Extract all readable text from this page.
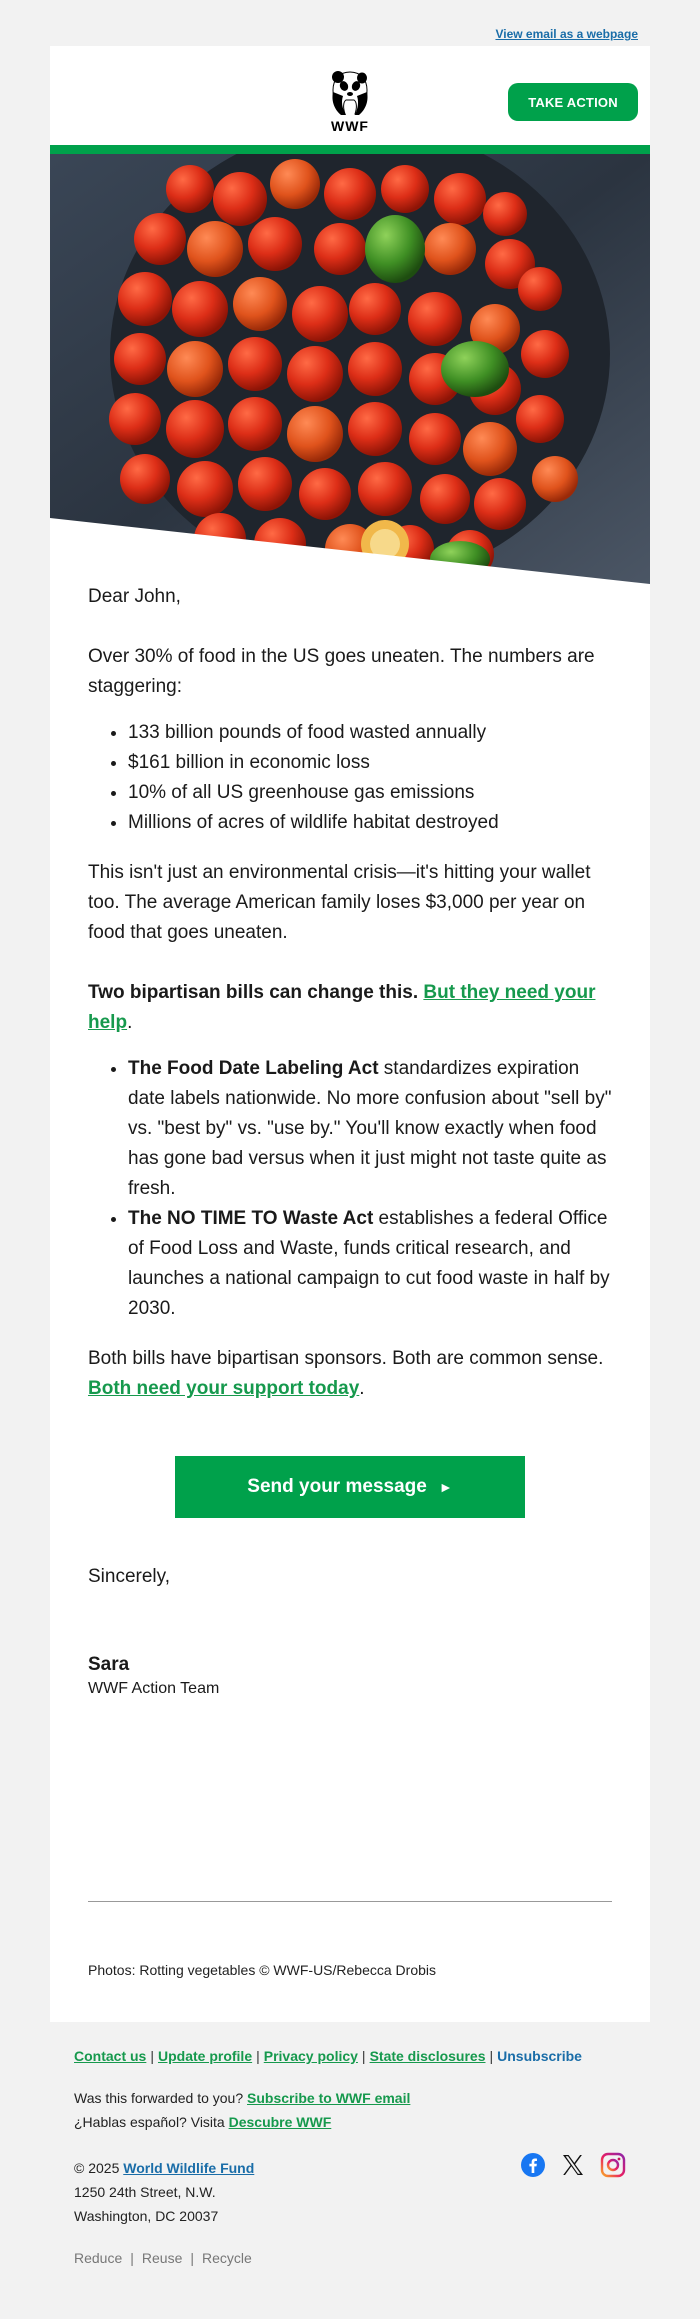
View email as a webpage
WWF
TAKE ACTION

Dear John,

Over 30% of food in the US goes uneaten. The numbers are staggering:

• 133 billion pounds of food wasted annually
• $161 billion in economic loss
• 10% of all US greenhouse gas emissions
• Millions of acres of wildlife habitat destroyed

This isn't just an environmental crisis—it's hitting your wallet too. The average American family loses $3,000 per year on food that goes uneaten.

Two bipartisan bills can change this. But they need your help.

• The Food Date Labeling Act standardizes expiration date labels nationwide. No more confusion about "sell by" vs. "best by" vs. "use by." You'll know exactly when food has gone bad versus when it just might not taste quite as fresh.
• The NO TIME TO Waste Act establishes a federal Office of Food Loss and Waste, funds critical research, and launches a national campaign to cut food waste in half by 2030.

Both bills have bipartisan sponsors. Both are common sense. Both need your support today.

Send your message ►

Sincerely,

Sara

WWF Action Team

Photos: Rotting vegetables © WWF-US/Rebecca Drobis

Contact us | Update profile | Privacy policy | State disclosures | Unsubscribe
Was this forwarded to you? Subscribe to WWF email
¿Hablas español? Visita Descubre WWF
© 2025 World Wildlife Fund
1250 24th Street, N.W.
Washington, DC 20037
Reduce | Reuse | Recycle
